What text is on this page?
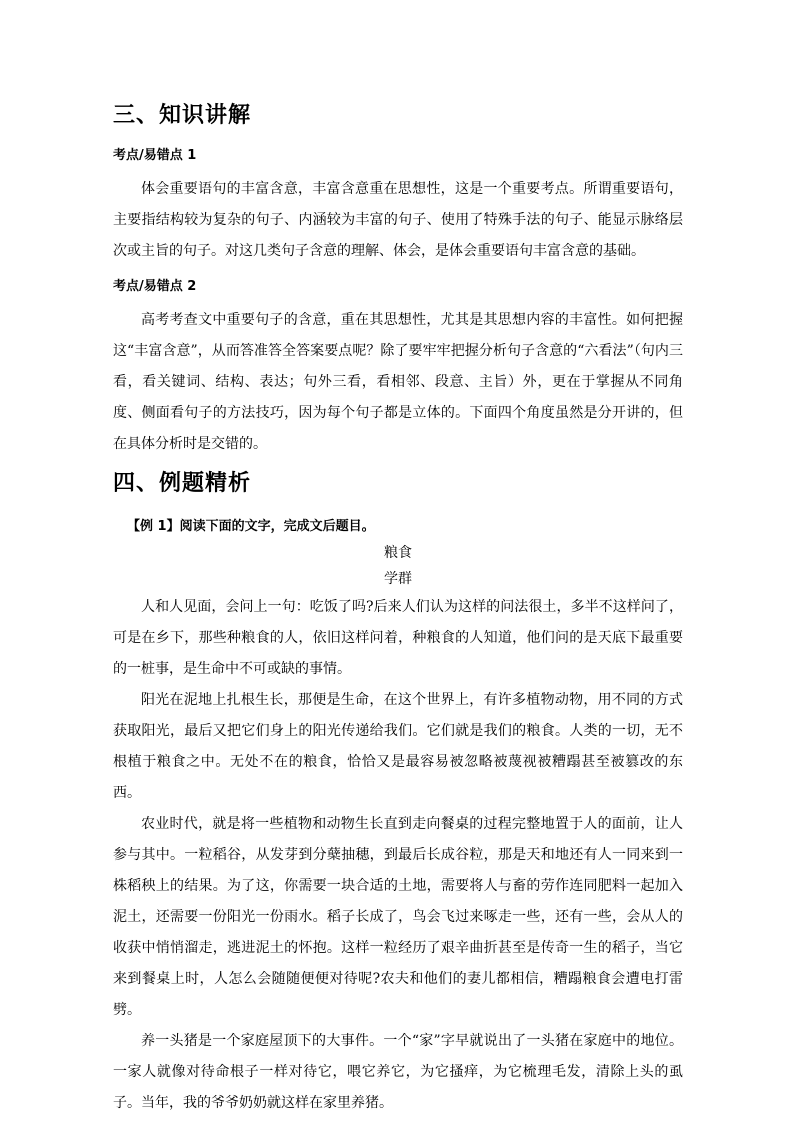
三、知识讲解
考点/易错点 1

体会重要语句的丰富含意，丰富含意重在思想性，这是一个重要考点。所谓重要语句，主要指结构较为复杂的句子、内涵较为丰富的句子、使用了特殊手法的句子、能显示脉络层次或主旨的句子。对这几类句子含意的理解、体会，是体会重要语句丰富含意的基础。

考点/易错点 2

高考考查文中重要句子的含意，重在其思想性，尤其是其思想内容的丰富性。如何把握这“丰富含意”，从而答准答全答案要点呢？除了要牢牢把握分析句子含意的“六看法”（句内三看，看关键词、结构、表达；句外三看，看相邻、段意、主旨）外，更在于掌握从不同角度、侧面看句子的方法技巧，因为每个句子都是立体的。下面四个角度虽然是分开讲的，但在具体分析时是交错的。

四、例题精析

【例 1】阅读下面的文字，完成文后题目。

粮食

学群

人和人见面，会问上一句：吃饭了吗?后来人们认为这样的问法很土，多半不这样问了，可是在乡下，那些种粮食的人，依旧这样问着，种粮食的人知道，他们问的是天底下最重要的一桩事，是生命中不可或缺的事情。

阳光在泥地上扎根生长，那便是生命，在这个世界上，有许多植物动物，用不同的方式获取阳光，最后又把它们身上的阳光传递给我们。它们就是我们的粮食。人类的一切，无不根植于粮食之中。无处不在的粮食，恰恰又是最容易被忽略被蔑视被糟蹋甚至被篡改的东西。

农业时代，就是将一些植物和动物生长直到走向餐桌的过程完整地置于人的面前，让人参与其中。一粒稻谷，从发芽到分蘖抽穗，到最后长成谷粒，那是天和地还有人一同来到一株稻秧上的结果。为了这，你需要一块合适的土地，需要将人与畜的劳作连同肥料一起加入泥土，还需要一份阳光一份雨水。稻子长成了，鸟会飞过来啄走一些，还有一些，会从人的收获中悄悄溜走，逃进泥土的怀抱。这样一粒经历了艰辛曲折甚至是传奇一生的稻子，当它来到餐桌上时，人怎么会随随便便对待呢?农夫和他们的妻儿都相信，糟蹋粮食会遭电打雷劈。

养一头猪是一个家庭屋顶下的大事件。一个“家”字早就说出了一头猪在家庭中的地位。一家人就像对待命根子一样对待它，喂它养它，为它搔痒，为它梳理毛发，清除上头的虱子。当年，我的爷爷奶奶就这样在家里养猪。
